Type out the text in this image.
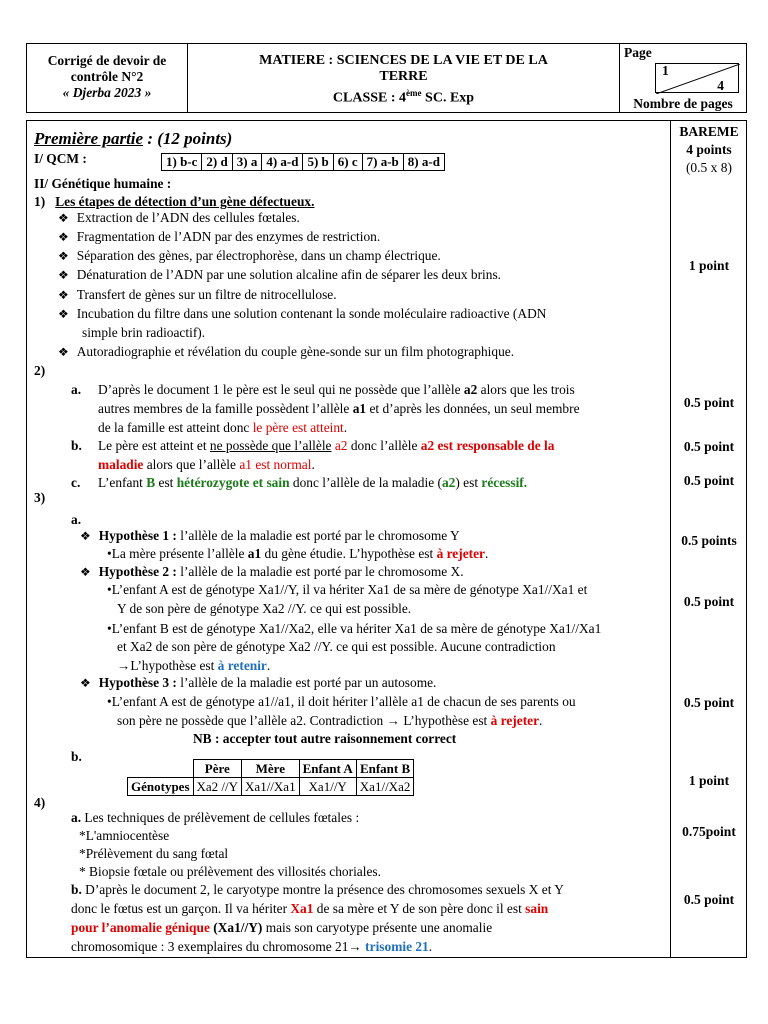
Corrigé de devoir de
contrôle N°2
« Djerba 2023 »
MATIERE : SCIENCES DE LA VIE ET DE LA
TERRE
CLASSE : 4ème SC. Exp
Page
1
4
Nombre de pages
Première partie : (12 points)	BAREME
4 points
(0.5 x 8)
I/ QCM :	1) b-c	2) d	3) a	4) a-d	5) b	6) c	7) a-b	8) a-d
II/ Génétique humaine :
1) Les étapes de détection d’un gène défectueux.
❖ Extraction de l’ADN des cellules fœtales.
❖ Fragmentation de l’ADN par des enzymes de restriction.
❖ Séparation des gènes, par électrophorèse, dans un champ électrique.
❖ Dénaturation de l’ADN par une solution alcaline afin de séparer les deux brins.
❖ Transfert de gènes sur un filtre de nitrocellulose.
❖ Incubation du filtre dans une solution contenant la sonde moléculaire radioactive (ADN
simple brin radioactif).
❖ Autoradiographie et révélation du couple gène-sonde sur un film photographique.
1 point
2)
a. D’après le document 1 le père est le seul qui ne possède que l’allèle a2 alors que les trois
autres membres de la famille possèdent l’allèle a1 et d’après les données, un seul membre
de la famille est atteint donc le père est atteint.
0.5 point
b. Le père est atteint et ne possède que l’allèle a2 donc l’allèle a2 est responsable de la
maladie alors que l’allèle a1 est normal.
0.5 point
c. L’enfant B est hétérozygote et sain donc l’allèle de la maladie (a2) est récessif.	0.5 point
3)
a.
❖ Hypothèse 1 : l’allèle de la maladie est porté par le chromosome Y
•La mère présente l’allèle a1 du gène étudie. L’hypothèse est à rejeter.
0.5 points
❖ Hypothèse 2 : l’allèle de la maladie est porté par le chromosome X.
•L’enfant A est de génotype Xa1//Y, il va hériter Xa1 de sa mère de génotype Xa1//Xa1 et
Y de son père de génotype Xa2 //Y. ce qui est possible.
•L’enfant B est de génotype Xa1//Xa2, elle va hériter Xa1 de sa mère de génotype Xa1//Xa1
et Xa2 de son père de génotype Xa2 //Y. ce qui est possible. Aucune contradiction
→L’hypothèse est à retenir.
0.5 point
❖ Hypothèse 3 : l’allèle de la maladie est porté par un autosome.
•L’enfant A est de génotype a1//a1, il doit hériter l’allèle a1 de chacun de ses parents ou
son père ne possède que l’allèle a2. Contradiction → L’hypothèse est à rejeter.
0.5 point
NB : accepter tout autre raisonnement correct
b.
	Père	Mère	Enfant A	Enfant B
Génotypes	Xa2 //Y	Xa1//Xa1	Xa1//Y	Xa1//Xa2	1 point
4)
a. Les techniques de prélèvement de cellules fœtales :
*L'amniocentèse
*Prélèvement du sang fœtal
* Biopsie fœtale ou prélèvement des villosités choriales.
0.75point
b. D’après le document 2, le caryotype montre la présence des chromosomes sexuels X et Y
donc le fœtus est un garçon. Il va hériter Xa1 de sa mère et Y de son père donc il est sain
pour l’anomalie génique (Xa1//Y) mais son caryotype présente une anomalie
chromosomique : 3 exemplaires du chromosome 21→ trisomie 21.
0.5 point
